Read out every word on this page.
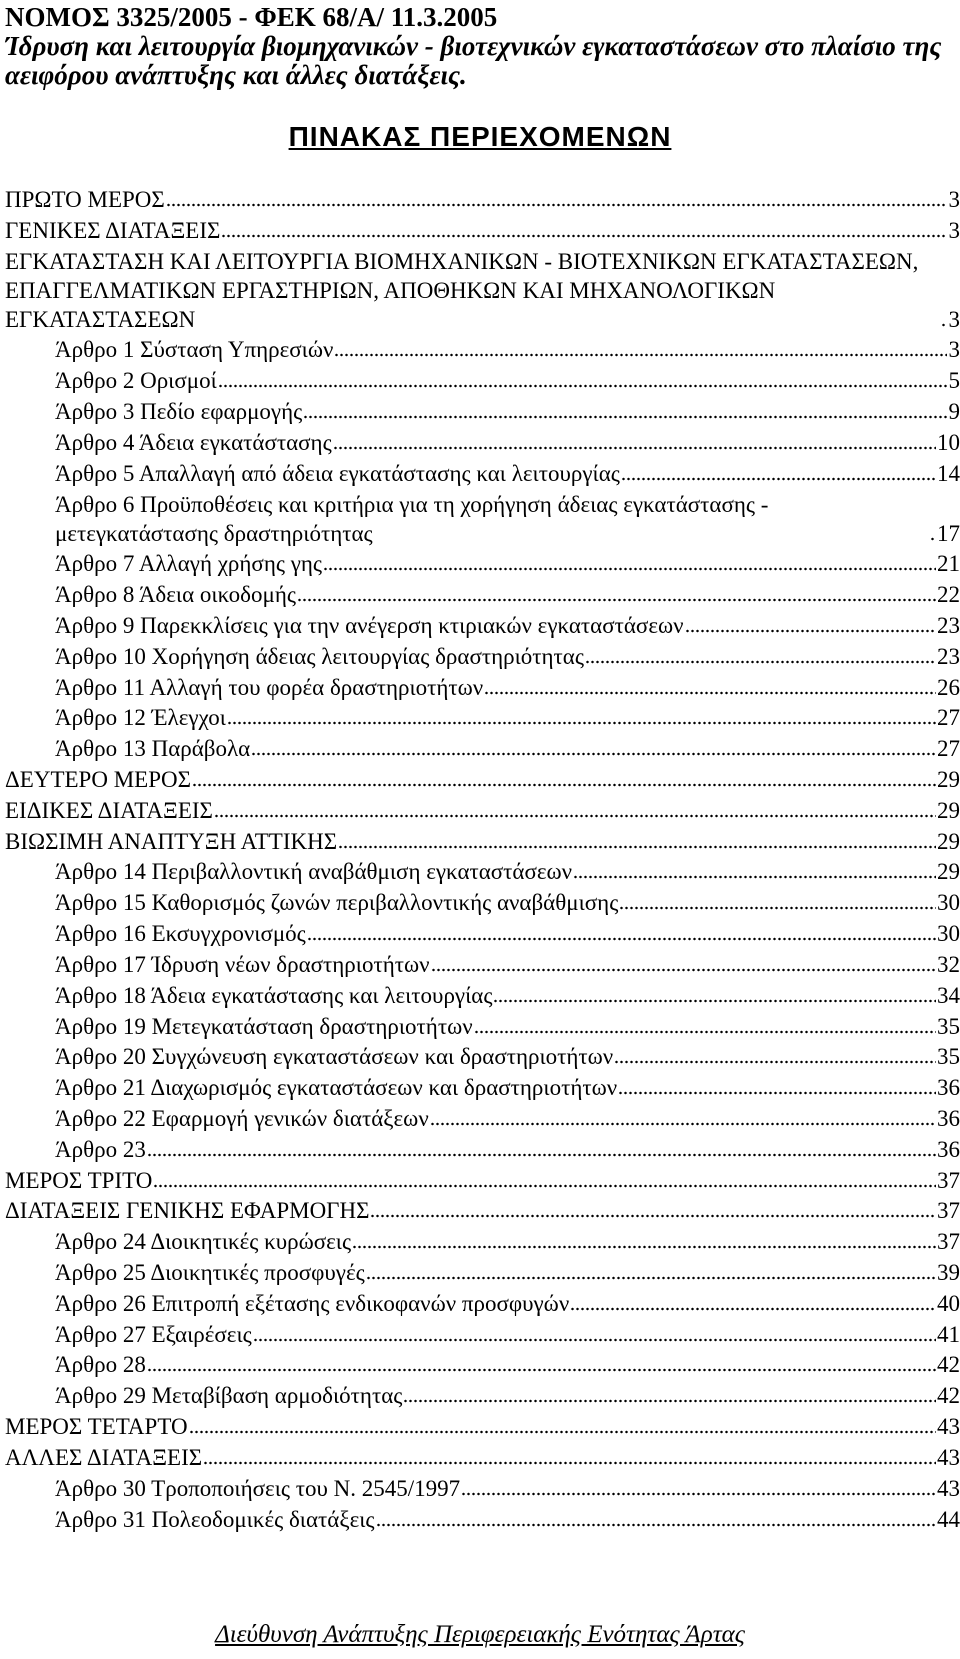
ΝΟΜΟΣ 3325/2005 - ΦΕΚ 68/Α/ 11.3.2005
Ίδρυση και λειτουργία βιομηχανικών - βιοτεχνικών εγκαταστάσεων στο πλαίσιο της αειφόρου ανάπτυξης και άλλες διατάξεις.
ΠΙΝΑΚΑΣ ΠΕΡΙΕΧΟΜΕΝΩΝ
ΠΡΩΤΟ ΜΕΡΟΣ	3
ΓΕΝΙΚΕΣ ΔΙΑΤΑΞΕΙΣ	3
ΕΓΚΑΤΑΣΤΑΣΗ ΚΑΙ ΛΕΙΤΟΥΡΓΙΑ ΒΙΟΜΗΧΑΝΙΚΩΝ - ΒΙΟΤΕΧΝΙΚΩΝ ΕΓΚΑΤΑΣΤΑΣΕΩΝ, ΕΠΑΓΓΕΛΜΑΤΙΚΩΝ ΕΡΓΑΣΤΗΡΙΩΝ, ΑΠΟΘΗΚΩΝ ΚΑΙ ΜΗΧΑΝΟΛΟΓΙΚΩΝ ΕΓΚΑΤΑΣΤΑΣΕΩΝ	3
Άρθρο 1 Σύσταση Υπηρεσιών	3
Άρθρο 2 Ορισμοί	5
Άρθρο 3 Πεδίο εφαρμογής	9
Άρθρο 4 Άδεια εγκατάστασης	10
Άρθρο 5 Απαλλαγή από άδεια εγκατάστασης και λειτουργίας	14
Άρθρο 6 Προϋποθέσεις και κριτήρια για τη χορήγηση άδειας εγκατάστασης - μετεγκατάστασης δραστηριότητας	17
Άρθρο 7 Αλλαγή χρήσης γης	21
Άρθρο 8 Άδεια οικοδομής	22
Άρθρο 9 Παρεκκλίσεις για την ανέγερση κτιριακών εγκαταστάσεων	23
Άρθρο 10 Χορήγηση άδειας λειτουργίας δραστηριότητας	23
Άρθρο 11 Αλλαγή του φορέα δραστηριοτήτων	26
Άρθρο 12 Έλεγχοι	27
Άρθρο 13 Παράβολα	27
ΔΕΥΤΕΡΟ ΜΕΡΟΣ	29
ΕΙΔΙΚΕΣ ΔΙΑΤΑΞΕΙΣ	29
ΒΙΩΣΙΜΗ ΑΝΑΠΤΥΞΗ ΑΤΤΙΚΗΣ	29
Άρθρο 14 Περιβαλλοντική αναβάθμιση εγκαταστάσεων	29
Άρθρο 15 Καθορισμός ζωνών περιβαλλοντικής αναβάθμισης	30
Άρθρο 16 Εκσυγχρονισμός	30
Άρθρο 17 Ίδρυση νέων δραστηριοτήτων	32
Άρθρο 18 Άδεια εγκατάστασης και λειτουργίας	34
Άρθρο 19 Μετεγκατάσταση δραστηριοτήτων	35
Άρθρο 20 Συγχώνευση εγκαταστάσεων και δραστηριοτήτων	35
Άρθρο 21 Διαχωρισμός εγκαταστάσεων και δραστηριοτήτων	36
Άρθρο 22 Εφαρμογή γενικών διατάξεων	36
Άρθρο 23	36
ΜΕΡΟΣ ΤΡΙΤΟ	37
ΔΙΑΤΑΞΕΙΣ ΓΕΝΙΚΗΣ ΕΦΑΡΜΟΓΗΣ	37
Άρθρο 24 Διοικητικές κυρώσεις	37
Άρθρο 25 Διοικητικές προσφυγές	39
Άρθρο 26 Επιτροπή εξέτασης ενδικοφανών προσφυγών	40
Άρθρο 27 Εξαιρέσεις	41
Άρθρο 28	42
Άρθρο 29 Μεταβίβαση αρμοδιότητας	42
ΜΕΡΟΣ ΤΕΤΑΡΤΟ	43
ΑΛΛΕΣ ΔΙΑΤΑΞΕΙΣ	43
Άρθρο 30 Τροποποιήσεις του Ν. 2545/1997	43
Άρθρο 31 Πολεοδομικές διατάξεις	44
Διεύθυνση Ανάπτυξης Περιφερειακής Ενότητας Άρτας
